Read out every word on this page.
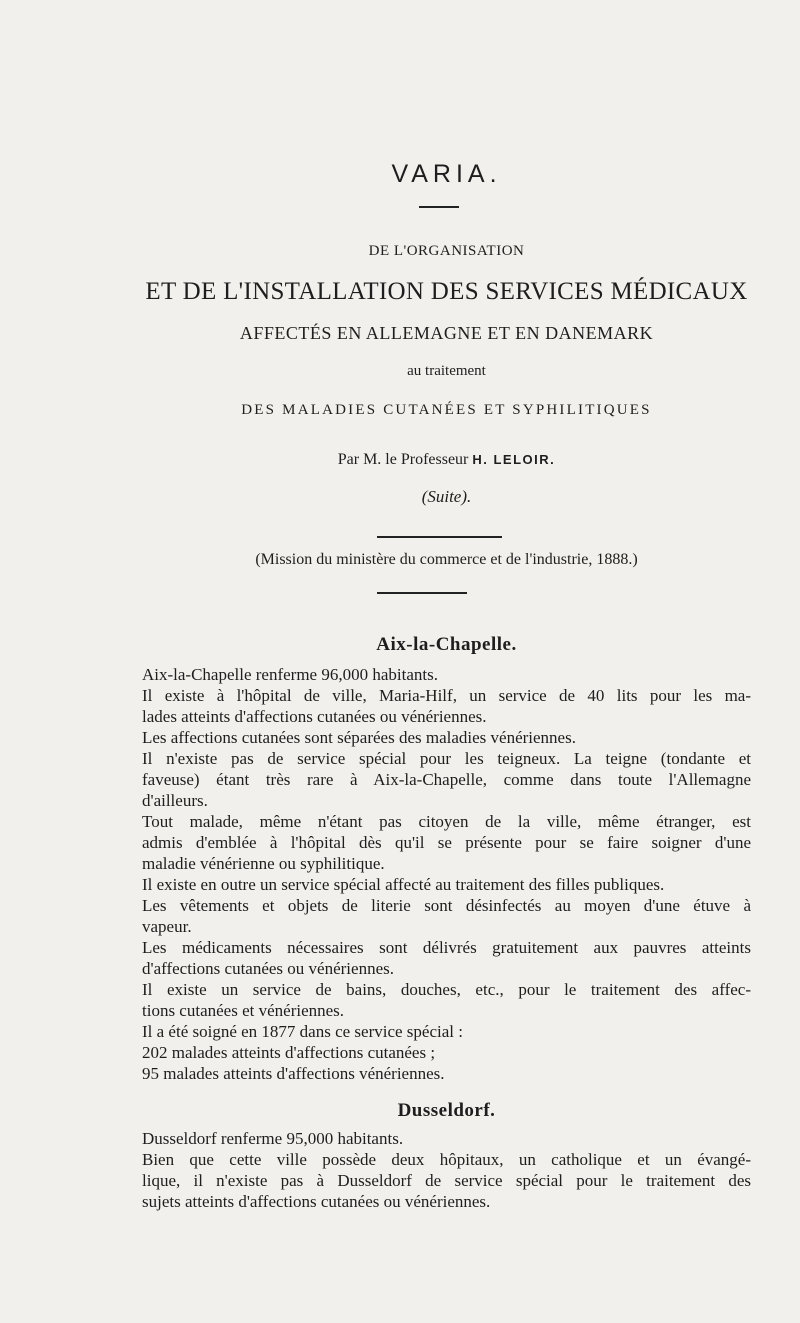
VARIA.
DE L'ORGANISATION
ET DE L'INSTALLATION DES SERVICES MÉDICAUX
AFFECTÉS EN ALLEMAGNE ET EN DANEMARK
au traitement
DES MALADIES CUTANÉES ET SYPHILITIQUES
Par M. le Professeur H. LELOIR.
(Suite).
(Mission du ministère du commerce et de l'industrie, 1888.)
Aix-la-Chapelle.
Aix-la-Chapelle renferme 96,000 habitants.
Il existe à l'hôpital de ville, Maria-Hilf, un service de 40 lits pour les ma-
lades atteints d'affections cutanées ou vénériennes.
Les affections cutanées sont séparées des maladies vénériennes.
Il n'existe pas de service spécial pour les teigneux. La teigne (tondante et
faveuse) étant très rare à Aix-la-Chapelle, comme dans toute l'Allemagne
d'ailleurs.
Tout malade, même n'étant pas citoyen de la ville, même étranger, est
admis d'emblée à l'hôpital dès qu'il se présente pour se faire soigner d'une
maladie vénérienne ou syphilitique.
Il existe en outre un service spécial affecté au traitement des filles publiques.
Les vêtements et objets de literie sont désinfectés au moyen d'une étuve à
vapeur.
Les médicaments nécessaires sont délivrés gratuitement aux pauvres atteints
d'affections cutanées ou vénériennes.
Il existe un service de bains, douches, etc., pour le traitement des affec-
tions cutanées et vénériennes.
Il a été soigné en 1877 dans ce service spécial :
202 malades atteints d'affections cutanées ;
95 malades atteints d'affections vénériennes.
Dusseldorf.
Dusseldorf renferme 95,000 habitants.
Bien que cette ville possède deux hôpitaux, un catholique et un évangé-
lique, il n'existe pas à Dusseldorf de service spécial pour le traitement des
sujets atteints d'affections cutanées ou vénériennes.
